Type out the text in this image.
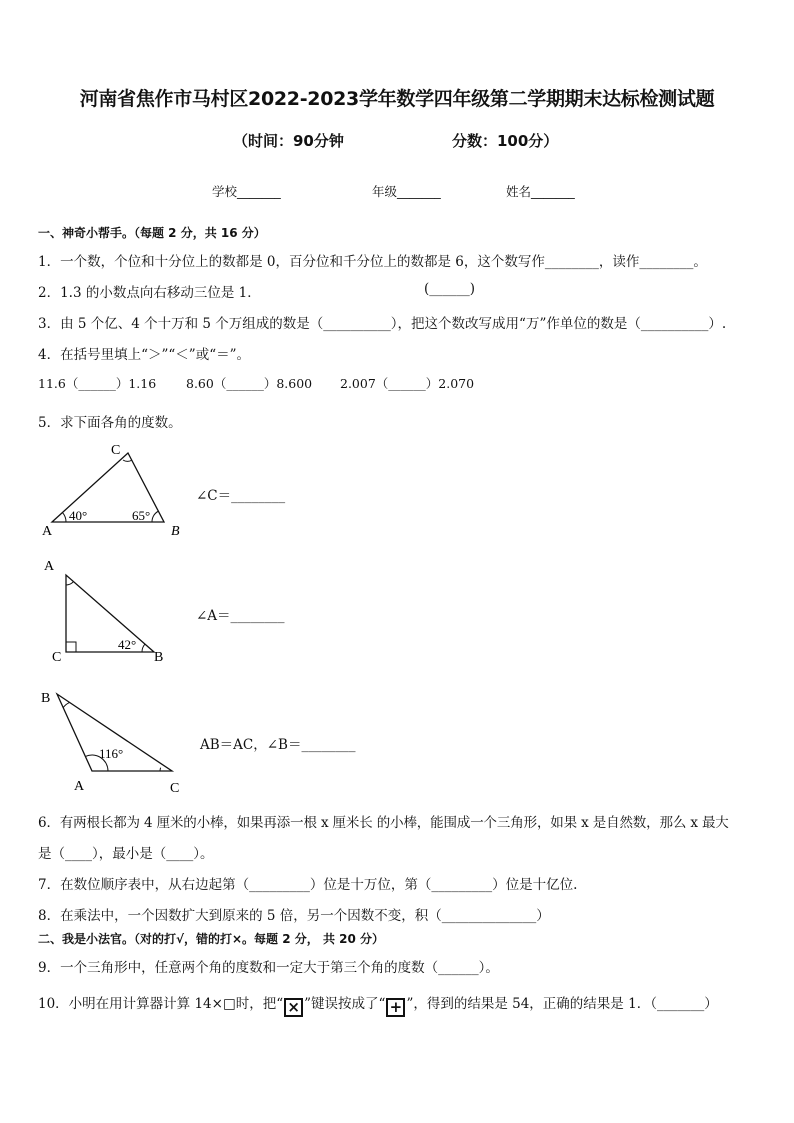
河南省焦作市马村区2022-2023学年数学四年级第二学期期末达标检测试题
（时间：90分钟	分数：100分）
学校_______	年级_______	姓名_______
一、神奇小帮手。（每题 2 分，共 16 分）
1．一个数，个位和十分位上的数都是 0，百分位和千分位上的数都是 6，这个数写作________，读作________。
2．1.3 的小数点向右移动三位是 1．	(______)
3．由 5 个亿、4 个十万和 5 个万组成的数是（__________），把这个数改写成用“万”作单位的数是（__________）.
4．在括号里填上“＞”“＜”或“＝”。
11.6（______）1.16 8.60（______）8.600 2.007（______）2.070
5．求下面各角的度数。
C
A	B
40°	65°
∠C＝________
A
C	B
42°
∠A＝________
B
A	C
116°
AB＝AC，∠B＝________
6．有两根长都为 4 厘米的小棒，如果再添一根 x 厘米长 的小棒，能围成一个三角形，如果 x 是自然数，那么 x 最大
是（____），最小是（____）。
7．在数位顺序表中，从右边起第（_________）位是十万位，第（_________）位是十亿位.
8．在乘法中，一个因数扩大到原来的 5 倍，另一个因数不变，积（______________）
二、我是小法官。（对的打√，错的打×。每题 2 分， 共 20 分）
9．一个三角形中，任意两个角的度数和一定大于第三个角的度数（______）。
10．小明在用计算器计算 14×□时，把“ × ”键误按成了“ + ”，得到的结果是 54，正确的结果是 1．（_______）
